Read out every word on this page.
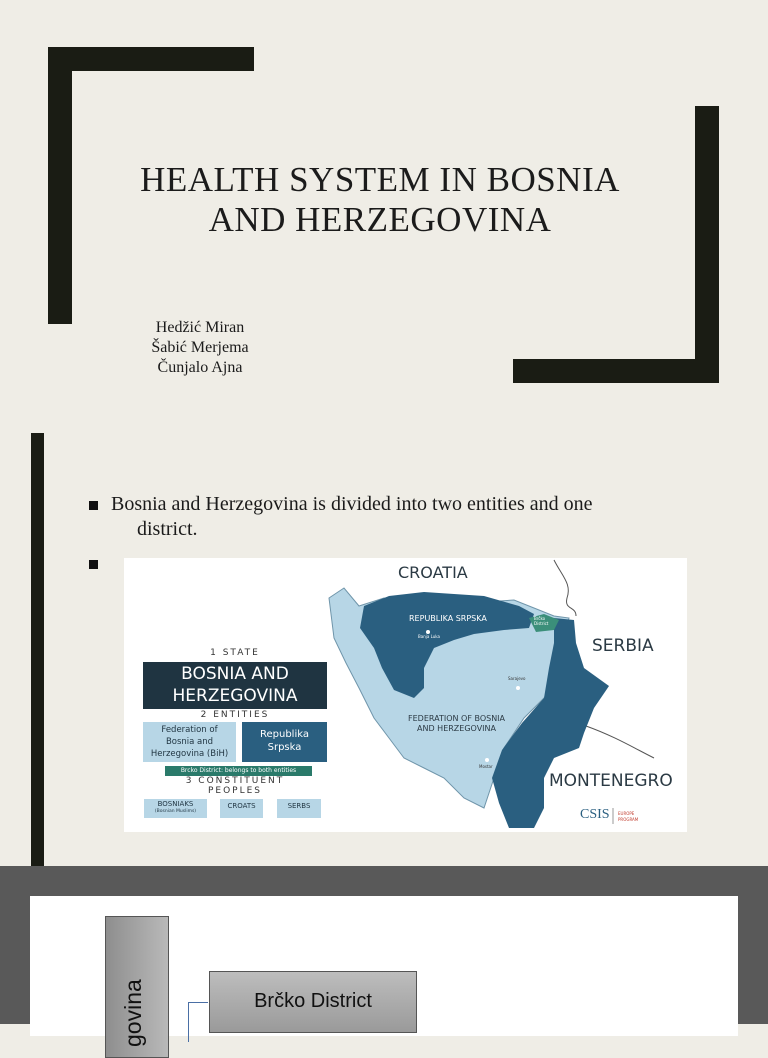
HEALTH SYSTEM IN BOSNIA
AND HERZEGOVINA
Hedžić Miran
Šabić Merjema
Čunjalo Ajna
Bosnia and Herzegovina is divided into two entities and one
district.
CROATIA
SERBIA
MONTENEGRO
REPUBLIKA SRPSKA
Banja Luka
Brčko District
Sarajevo
Mostar
FEDERATION OF BOSNIA
AND HERZEGOVINA
1 STATE
BOSNIA AND
HERZEGOVINA
2 ENTITIES
Federation of
Bosnia and
Herzegovina (BiH)
Republika
Srpska
Brcko District: belongs to both entities
3 CONSTITUENT
PEOPLES
BOSNIAKS
(Bosnian Muslims)
CROATS	SERBS
CSIS EUROPE
PROGRAM
govina	Brčko District
